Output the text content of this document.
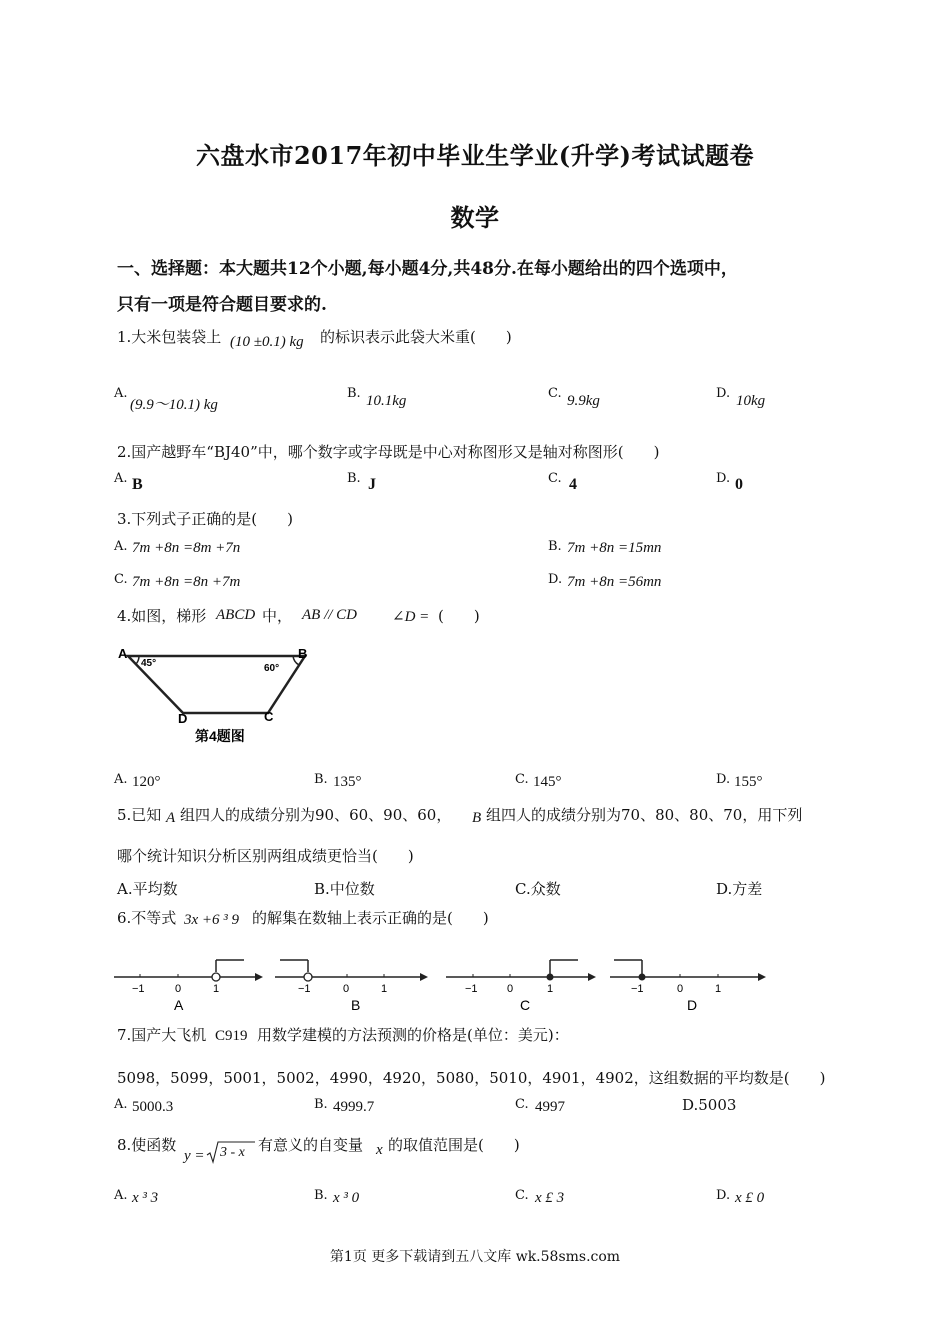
六盘水市2017年初中毕业生学业(升学)考试试题卷
数学
一、选择题：本大题共12个小题,每小题4分,共48分.在每小题给出的四个选项中，
只有一项是符合题目要求的.
1.大米包装袋上 (10 ±0.1) kg 的标识表示此袋大米重(　　)
A.
(9.9～10.1) kg
B. 10.1kg	C. 9.9kg	D. 10kg
2.国产越野车“BJ40”中，哪个数字或字母既是中心对称图形又是轴对称图形(　　)
A. B	B. J	C. 4	D. 0
3.下列式子正确的是(　　)
A. 7m +8n =8m +7n	B. 7m +8n =15mn
C. 7m +8n =8n +7m	D. 7m +8n =56mn
4.如图，梯形 ABCD 中， AB // CD ∠D = (　　)
A	B
C
D
45°	60°
第4题图
A. 120°	B. 135°	C. 145°	D. 155°
5.已知 A 组四人的成绩分别为90、60、90、60， B 组四人的成绩分别为70、80、80、70，用下列
哪个统计知识分析区别两组成绩更恰当(　　)
A.平均数	B.中位数	C.众数	D.方差
6.不等式 3x +6 ³ 9 的解集在数轴上表示正确的是(　　)
−1	0	1
A
−1	0	1
B
−1	0	1
C
−1	0	1
D
7.国产大飞机 C919 用数学建模的方法预测的价格是(单位：美元)：
5098，5099，5001，5002，4990，4920，5080，5010，4901，4902，这组数据的平均数是(　　)
A. 5000.3	B. 4999.7	C. 4997	D.5003
8.使函数
y = 3 - x 有意义的自变量 x 的取值范围是(　　)
A. x ³ 3	B. x ³ 0	C. x £ 3	D. x £ 0
第1页 更多下载请到五八文库 wk.58sms.com
